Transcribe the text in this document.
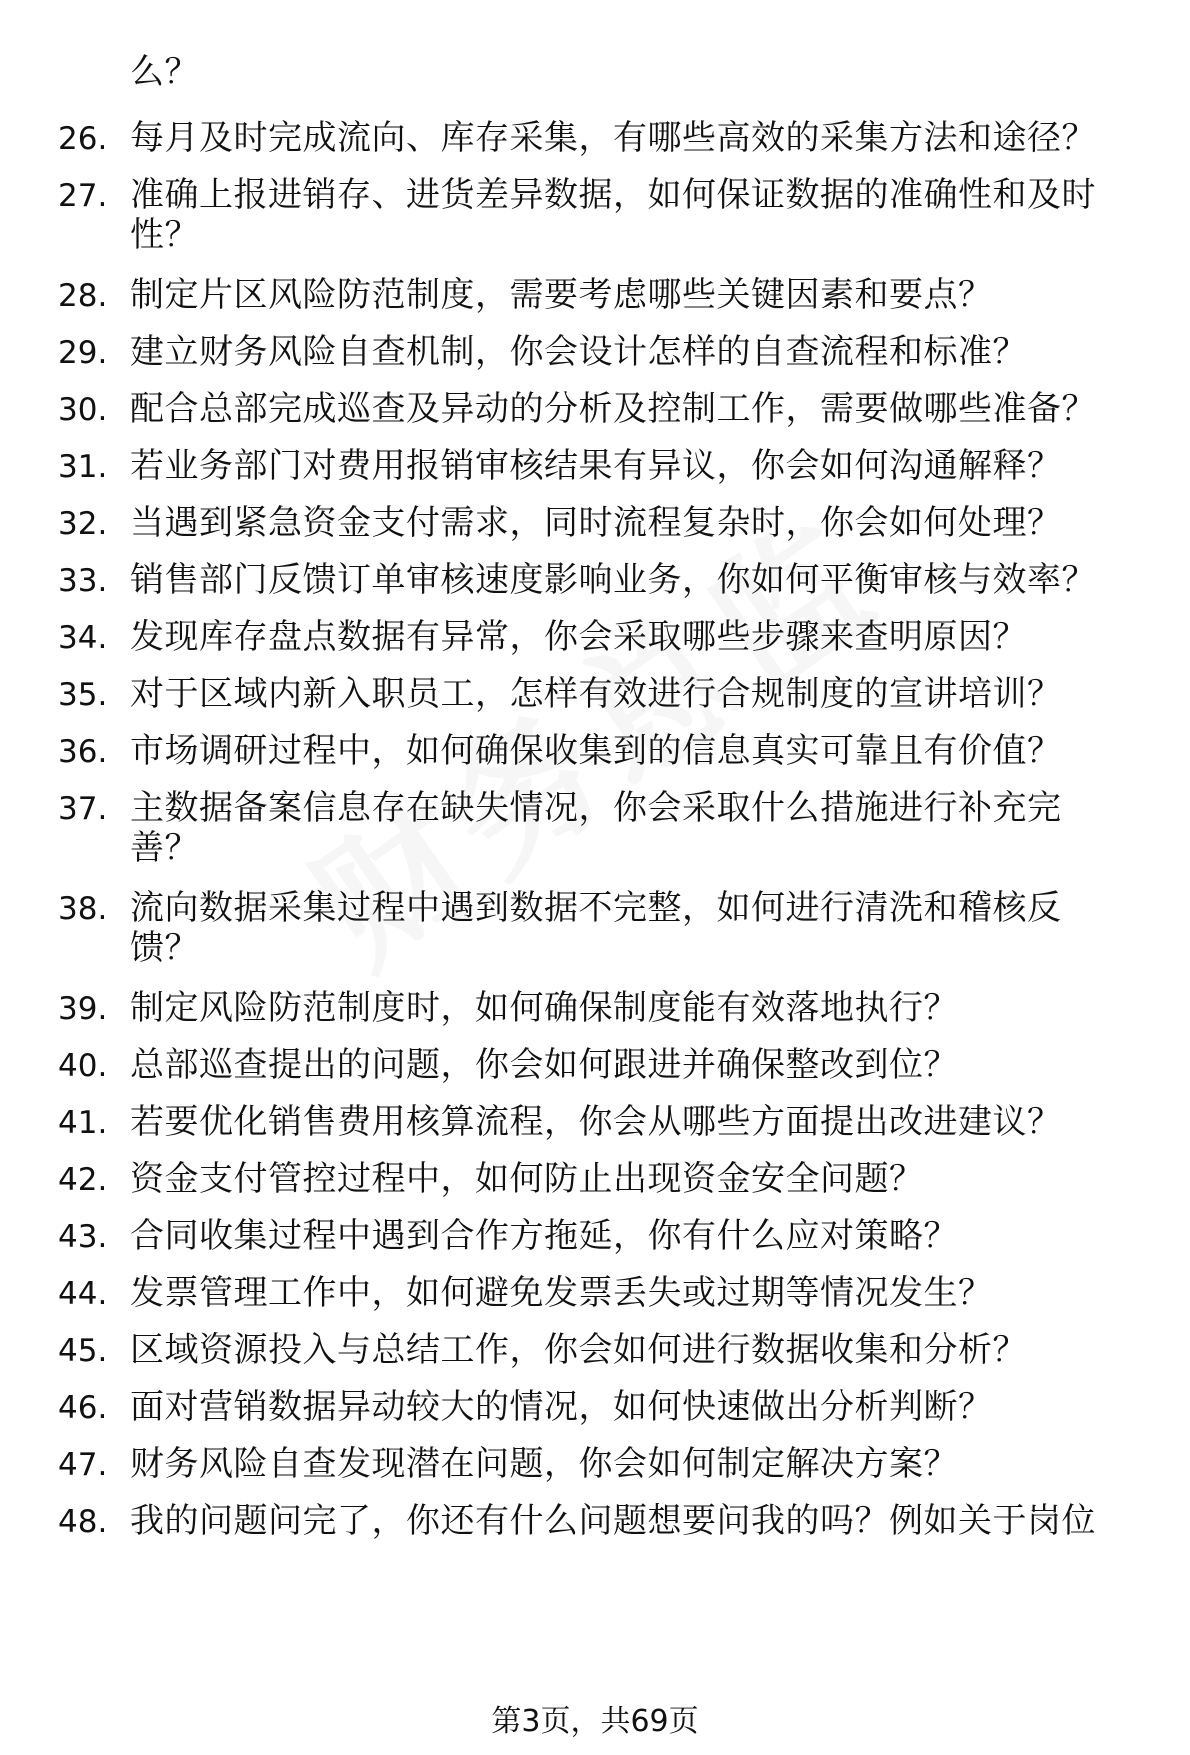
么？
26. 每月及时完成流向、库存采集，有哪些高效的采集方法和途径？
27. 准确上报进销存、进货差异数据，如何保证数据的准确性和及时
性？
28. 制定片区风险防范制度，需要考虑哪些关键因素和要点？
29. 建立财务风险自查机制，你会设计怎样的自查流程和标准？
30. 配合总部完成巡查及异动的分析及控制工作，需要做哪些准备？
31. 若业务部门对费用报销审核结果有异议，你会如何沟通解释？
32. 当遇到紧急资金支付需求，同时流程复杂时，你会如何处理？
33. 销售部门反馈订单审核速度影响业务，你如何平衡审核与效率？
34. 发现库存盘点数据有异常，你会采取哪些步骤来查明原因？
35. 对于区域内新入职员工，怎样有效进行合规制度的宣讲培训？
36. 市场调研过程中，如何确保收集到的信息真实可靠且有价值？
37. 主数据备案信息存在缺失情况，你会采取什么措施进行补充完
善？
38. 流向数据采集过程中遇到数据不完整，如何进行清洗和稽核反
馈？
39. 制定风险防范制度时，如何确保制度能有效落地执行？
40. 总部巡查提出的问题，你会如何跟进并确保整改到位？
41. 若要优化销售费用核算流程，你会从哪些方面提出改进建议？
42. 资金支付管控过程中，如何防止出现资金安全问题？
43. 合同收集过程中遇到合作方拖延，你有什么应对策略？
44. 发票管理工作中，如何避免发票丢失或过期等情况发生？
45. 区域资源投入与总结工作，你会如何进行数据收集和分析？
46. 面对营销数据异动较大的情况，如何快速做出分析判断？
47. 财务风险自查发现潜在问题，你会如何制定解决方案？
48. 我的问题问完了，你还有什么问题想要问我的吗？例如关于岗位
第3页，共69页
